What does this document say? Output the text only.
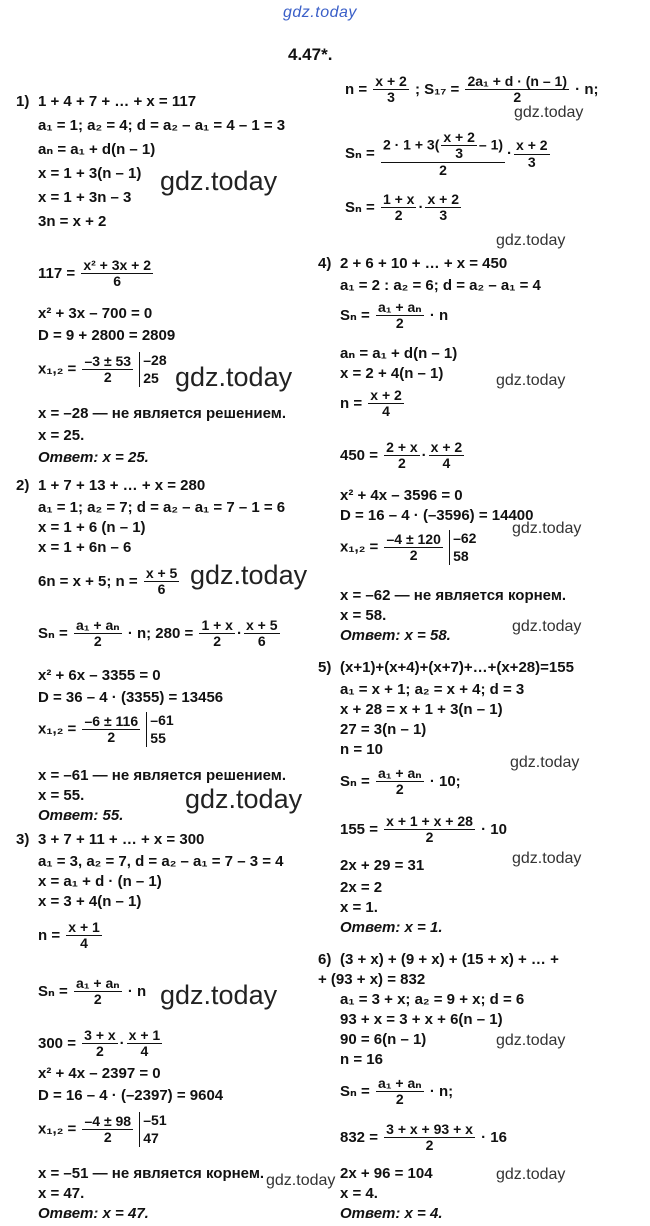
gdz.today
4.47*.
1) 1 + 4 + 7 + … + x = 117
a₁ = 1; a₂ = 4; d = a₂ – a₁ = 4 – 1 = 3
aₙ = a₁ + d(n – 1)
x = 1 + 3(n – 1)
x = 1 + 3n – 3
3n = x + 2
$117 = \frac{\text{x² + 3x + 2}}{6}$
x² + 3x – 700 = 0
D = 9 + 2800 = 2809
$x_1,_2 = \frac{-3 \pm 53}{2}$
–28
25
x = –28 — не является решением.
x = 25.
Ответ: x = 25.
2) 1 + 7 + 13 + … + x = 280
a₁ = 1; a₂ = 7; d = a₂ – a₁ = 7 – 1 = 6
x = 1 + 6 (n – 1)
x = 1 + 6n – 6
6n = x + 5; $n = \frac{x + 5}{6}$
$S_n = \frac{\text{a₁ + aₙ}}{2} \cdot n$; $280 = \frac{1 + x}{2} \cdot \frac{x + 5}{6}$
x² + 6x – 3355 = 0
D = 36 – 4 · (3355) = 13456
$x_1,_2 = \frac{-6 \pm 116}{2}$
–61
55
x = –61 — не является решением.
x = 55.
Ответ: 55.
3) 3 + 7 + 11 + … + x = 300
a₁ = 3, a₂ = 7, d = a₂ – a₁ = 7 – 3 = 4
x = a₁ + d · (n – 1)
x = 3 + 4(n – 1)
$n = \frac{x + 1}{4}$
$S_n = \frac{\text{a₁ + aₙ}}{2} \cdot n$
$300 = \frac{3 + x}{2} \cdot \frac{x + 1}{4}$
x² + 4x – 2397 = 0
D = 16 – 4 · (–2397) = 9604
$x_1,_2 = \frac{-4 \pm 98}{2}$
–51
47
x = –51 — не является корнем.
x = 47.
Ответ: x = 47.
$n = \frac{x + 2}{3}$ ; $S_{17} = \frac{\text{2a₁ + d · (n – 1)}}{2} \cdot n$;
$S_n = \frac{2 \cdot 1 + 3( \frac{x + 2}{3} - 1)}{2} \cdot \frac{x + 2}{3}$
$S_n = \frac{1 + x}{2} \cdot \frac{x + 2}{3}$
4) 2 + 6 + 10 + … + x = 450
a₁ = 2 : a₂ = 6; d = a₂ – a₁ = 4
$S_n = \frac{\text{a₁ + aₙ}}{2} \cdot n$
aₙ = a₁ + d(n – 1)
x = 2 + 4(n – 1)
$n = \frac{x + 2}{4}$
$450 = \frac{2 + x}{2} \cdot \frac{x + 2}{4}$
x² + 4x – 3596 = 0
D = 16 – 4 · (–3596) = 14400
$x_1,_2 = \frac{-4 \pm 120}{2}$
–62
58
x = –62 — не является корнем.
x = 58.
Ответ: x = 58.
5) (x+1)+(x+4)+(x+7)+…+(x+28)=155
a₁ = x + 1; a₂ = x + 4; d = 3
x + 28 = x + 1 + 3(n – 1)
27 = 3(n – 1)
n = 10
$S_n = \frac{\text{a₁ + aₙ}}{2} \cdot 10$;
$155 = \frac{x + 1 + x + 28}{2} \cdot 10$
2x + 29 = 31
2x = 2
x = 1.
Ответ: x = 1.
6) (3 + x) + (9 + x) + (15 + x) + … +
+ (93 + x) = 832
a₁ = 3 + x; a₂ = 9 + x; d = 6
93 + x = 3 + x + 6(n – 1)
90 = 6(n – 1)
n = 16
$S_n = \frac{\text{a₁ + aₙ}}{2} \cdot n$;
$832 = \frac{3 + x + 93 + x}{2} \cdot 16$
2x + 96 = 104
x = 4.
Ответ: x = 4.
gdz.today
gdz.today
gdz.today
gdz.today
gdz.today
gdz.today
gdz.today
gdz.today
gdz.today
gdz.today
gdz.today
gdz.today
gdz.today
gdz.today	gdz.today
